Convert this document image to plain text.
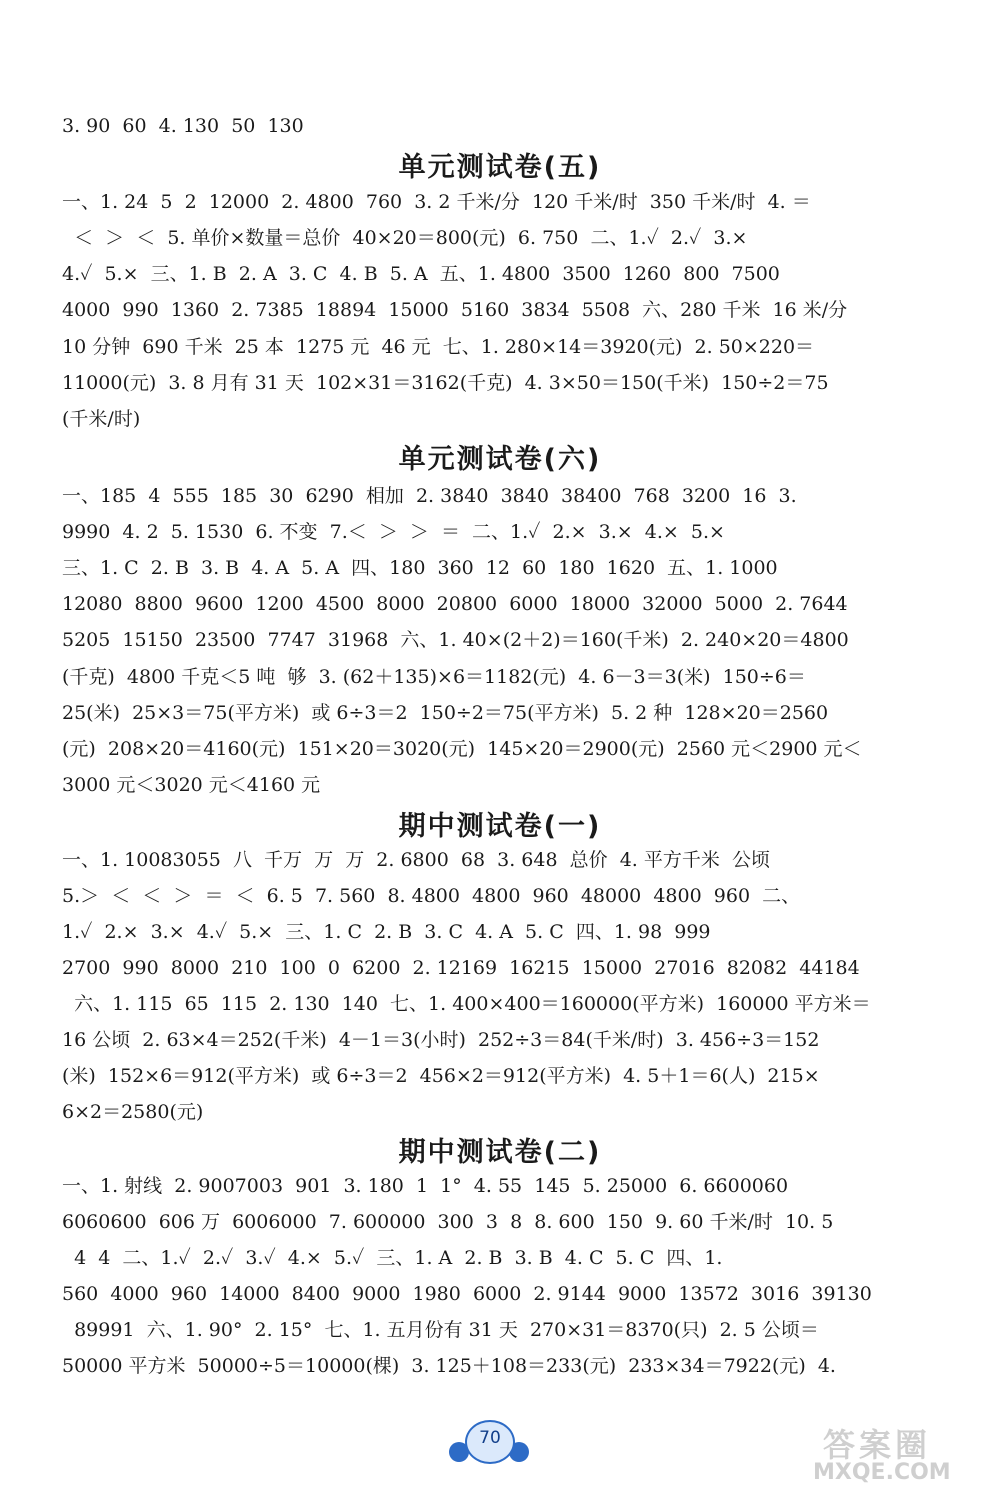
3. 90  60  4. 130  50  130
单元测试卷(五)
一、1. 24  5  2  12000  2. 4800  760  3. 2 千米/分  120 千米/时  350 千米/时  4. ＝
＜  ＞  ＜  5. 单价×数量＝总价  40×20＝800(元)  6. 750  二、1.✓  2.✓  3.×
4.✓  5.×  三、1. B  2. A  3. C  4. B  5. A  五、1. 4800  3500  1260  800  7500
4000  990  1360  2. 7385  18894  15000  5160  3834  5508  六、280 千米  16 米/分
10 分钟  690 千米  25 本  1275 元  46 元  七、1. 280×14＝3920(元)  2. 50×220＝
11000(元)  3. 8 月有 31 天  102×31＝3162(千克)  4. 3×50＝150(千米)  150÷2＝75
(千米/时)
单元测试卷(六)
一、185  4  555  185  30  6290  相加  2. 3840  3840  38400  768  3200  16  3.
9990  4. 2  5. 1530  6. 不变  7.＜  ＞  ＞  ＝  二、1.✓  2.×  3.×  4.×  5.×
三、1. C  2. B  3. B  4. A  5. A  四、180  360  12  60  180  1620  五、1. 1000
12080  8800  9600  1200  4500  8000  20800  6000  18000  32000  5000  2. 7644
5205  15150  23500  7747  31968  六、1. 40×(2＋2)＝160(千米)  2. 240×20＝4800
(千克)  4800 千克＜5 吨  够  3. (62＋135)×6＝1182(元)  4. 6－3＝3(米)  150÷6＝
25(米)  25×3＝75(平方米)  或 6÷3＝2  150÷2＝75(平方米)  5. 2 种  128×20＝2560
(元)  208×20＝4160(元)  151×20＝3020(元)  145×20＝2900(元)  2560 元＜2900 元＜
3000 元＜3020 元＜4160 元
期中测试卷(一)
一、1. 10083055  八  千万  万  万  2. 6800  68  3. 648  总价  4. 平方千米  公顷
5.＞  ＜  ＜  ＞  ＝  ＜  6. 5  7. 560  8. 4800  4800  960  48000  4800  960  二、
1.✓  2.×  3.×  4.✓  5.×  三、1. C  2. B  3. C  4. A  5. C  四、1. 98  999
2700  990  8000  210  100  0  6200  2. 12169  16215  15000  27016  82082  44184
六、1. 115  65  115  2. 130  140  七、1. 400×400＝160000(平方米)  160000 平方米＝
16 公顷  2. 63×4＝252(千米)  4－1＝3(小时)  252÷3＝84(千米/时)  3. 456÷3＝152
(米)  152×6＝912(平方米)  或 6÷3＝2  456×2＝912(平方米)  4. 5＋1＝6(人)  215×
6×2＝2580(元)
期中测试卷(二)
一、1. 射线  2. 9007003  901  3. 180  1  1°  4. 55  145  5. 25000  6. 6600060
6060600  606 万  6006000  7. 600000  300  3  8  8. 600  150  9. 60 千米/时  10. 5
4  4  二、1.✓  2.✓  3.✓  4.×  5.✓  三、1. A  2. B  3. B  4. C  5. C  四、1.
560  4000  960  14000  8400  9000  1980  6000  2. 9144  9000  13572  3016  39130
89991  六、1. 90°  2. 15°  七、1. 五月份有 31 天  270×31＝8370(只)  2. 5 公顷＝
50000 平方米  50000÷5＝10000(棵)  3. 125＋108＝233(元)  233×34＝7922(元)  4.
70	答案圈
MXQE.COM
